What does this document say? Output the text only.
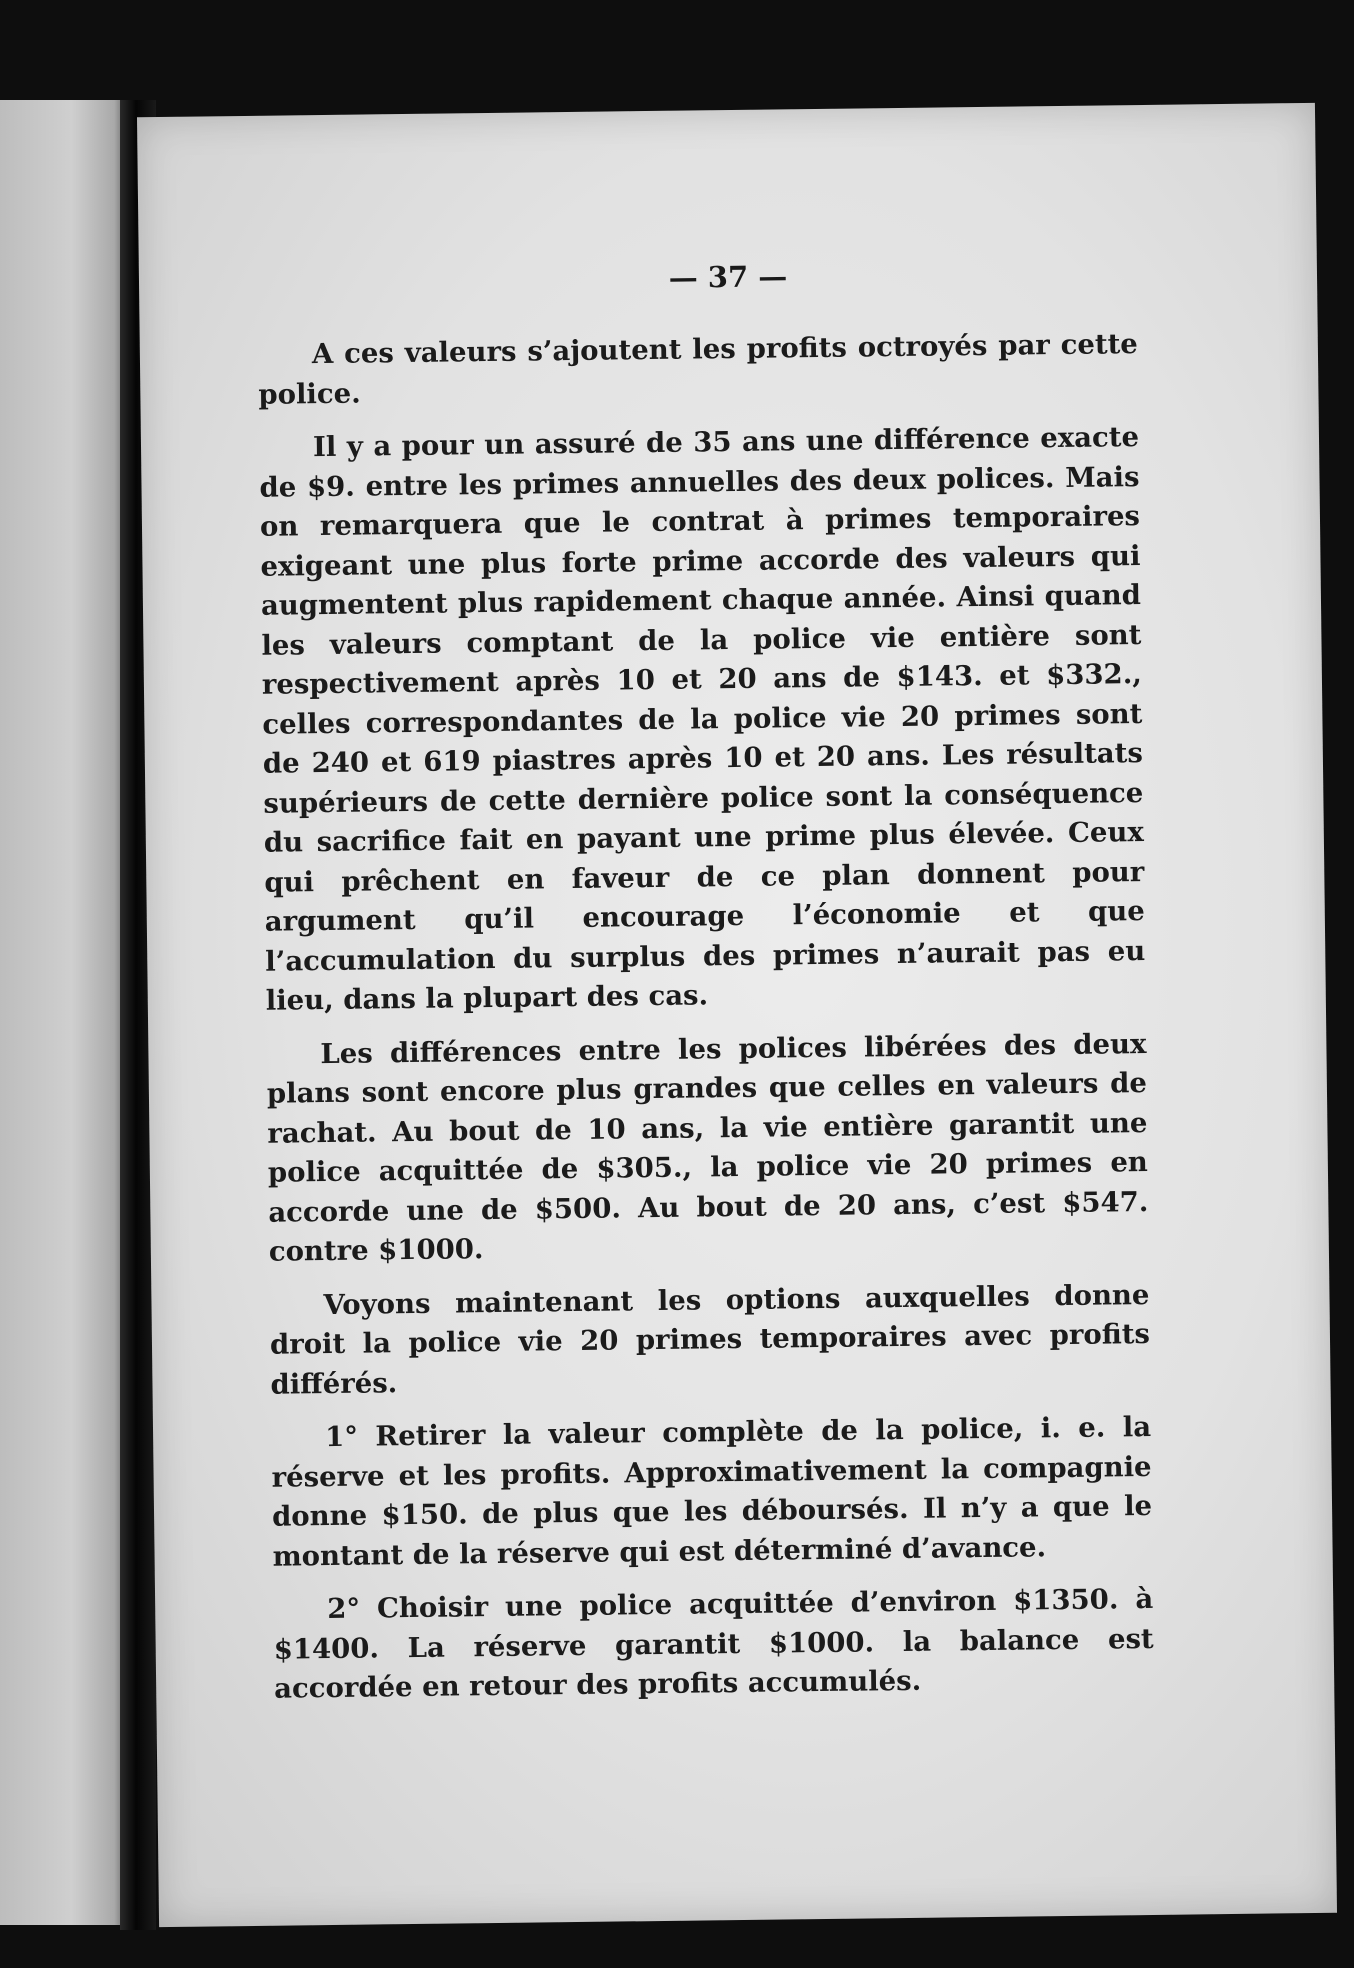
— 37 —

A ces valeurs s’ajoutent les profits octroyés par cette police.

Il y a pour un assuré de 35 ans une différence exacte de $9. entre les primes annuelles des deux polices. Mais on remarquera que le contrat à primes temporaires exigeant une plus forte prime accorde des valeurs qui augmentent plus rapidement chaque année. Ainsi quand les valeurs comptant de la police vie entière sont respectivement après 10 et 20 ans de $143. et $332., celles correspondantes de la police vie 20 primes sont de 240 et 619 piastres après 10 et 20 ans. Les résultats supérieurs de cette dernière police sont la conséquence du sacrifice fait en payant une prime plus élevée. Ceux qui prêchent en faveur de ce plan donnent pour argument qu’il encourage l’économie et que l’accumulation du surplus des primes n’aurait pas eu lieu, dans la plupart des cas.

Les différences entre les polices libérées des deux plans sont encore plus grandes que celles en valeurs de rachat. Au bout de 10 ans, la vie entière garantit une police acquittée de $305., la police vie 20 primes en accorde une de $500. Au bout de 20 ans, c’est $547. contre $1000.

Voyons maintenant les options auxquelles donne droit la police vie 20 primes temporaires avec profits différés.

1° Retirer la valeur complète de la police, i. e. la réserve et les profits. Approximativement la compagnie donne $150. de plus que les déboursés. Il n’y a que le montant de la réserve qui est déterminé d’avance.

2° Choisir une police acquittée d’environ $1350. à $1400. La réserve garantit $1000. la balance est accordée en retour des profits accumulés.
